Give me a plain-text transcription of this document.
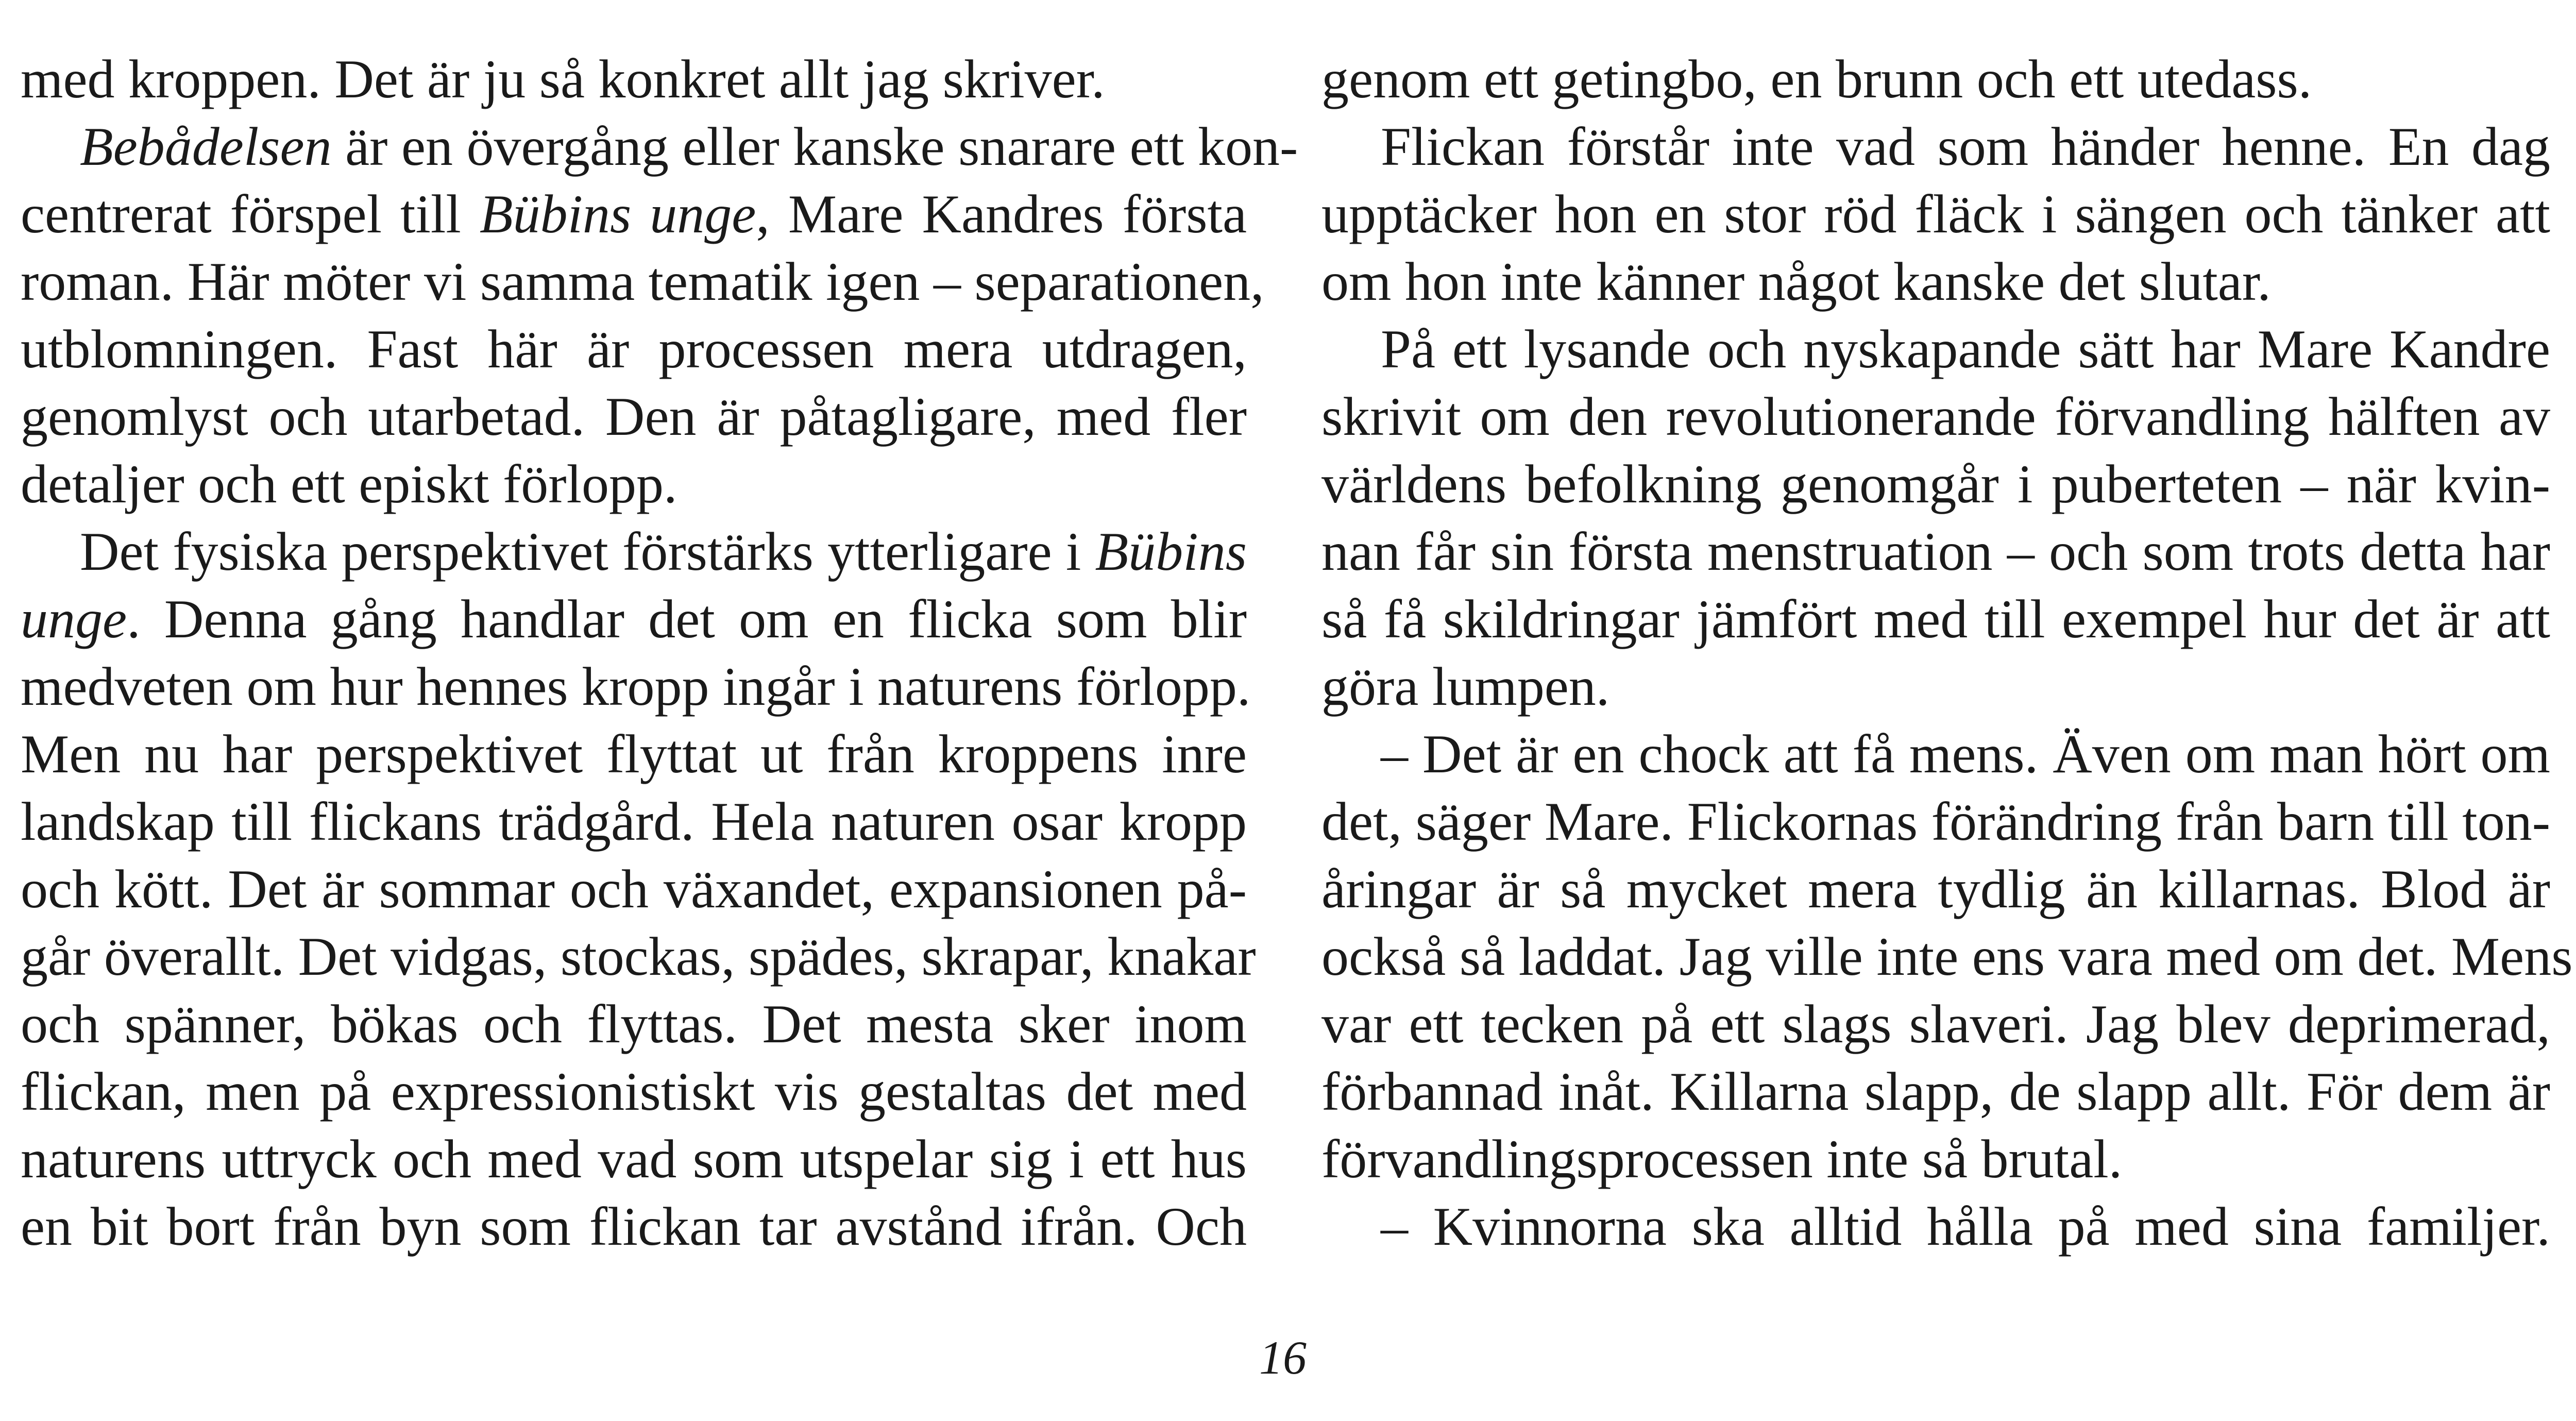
med kroppen. Det är ju så konkret allt jag skriver.
Bebådelsen är en övergång eller kanske snarare ett kon-
centrerat förspel till Bübins unge, Mare Kandres första
roman. Här möter vi samma tematik igen – separationen,
utblomningen. Fast här är processen mera utdragen,
genomlyst och utarbetad. Den är påtagligare, med fler
detaljer och ett episkt förlopp.
Det fysiska perspektivet förstärks ytterligare i Bübins
unge. Denna gång handlar det om en flicka som blir
medveten om hur hennes kropp ingår i naturens förlopp.
Men nu har perspektivet flyttat ut från kroppens inre
landskap till flickans trädgård. Hela naturen osar kropp
och kött. Det är sommar och växandet, expansionen på-
går överallt. Det vidgas, stockas, spädes, skrapar, knakar
och spänner, bökas och flyttas. Det mesta sker inom
flickan, men på expressionistiskt vis gestaltas det med
naturens uttryck och med vad som utspelar sig i ett hus
en bit bort från byn som flickan tar avstånd ifrån. Och
genom ett getingbo, en brunn och ett utedass.
Flickan förstår inte vad som händer henne. En dag
upptäcker hon en stor röd fläck i sängen och tänker att
om hon inte känner något kanske det slutar.
På ett lysande och nyskapande sätt har Mare Kandre
skrivit om den revolutionerande förvandling hälften av
världens befolkning genomgår i puberteten – när kvin-
nan får sin första menstruation – och som trots detta har
så få skildringar jämfört med till exempel hur det är att
göra lumpen.
– Det är en chock att få mens. Även om man hört om
det, säger Mare. Flickornas förändring från barn till ton-
åringar är så mycket mera tydlig än killarnas. Blod är
också så laddat. Jag ville inte ens vara med om det. Mens
var ett tecken på ett slags slaveri. Jag blev deprimerad,
förbannad inåt. Killarna slapp, de slapp allt. För dem är
förvandlingsprocessen inte så brutal.
– Kvinnorna ska alltid hålla på med sina familjer.
16
